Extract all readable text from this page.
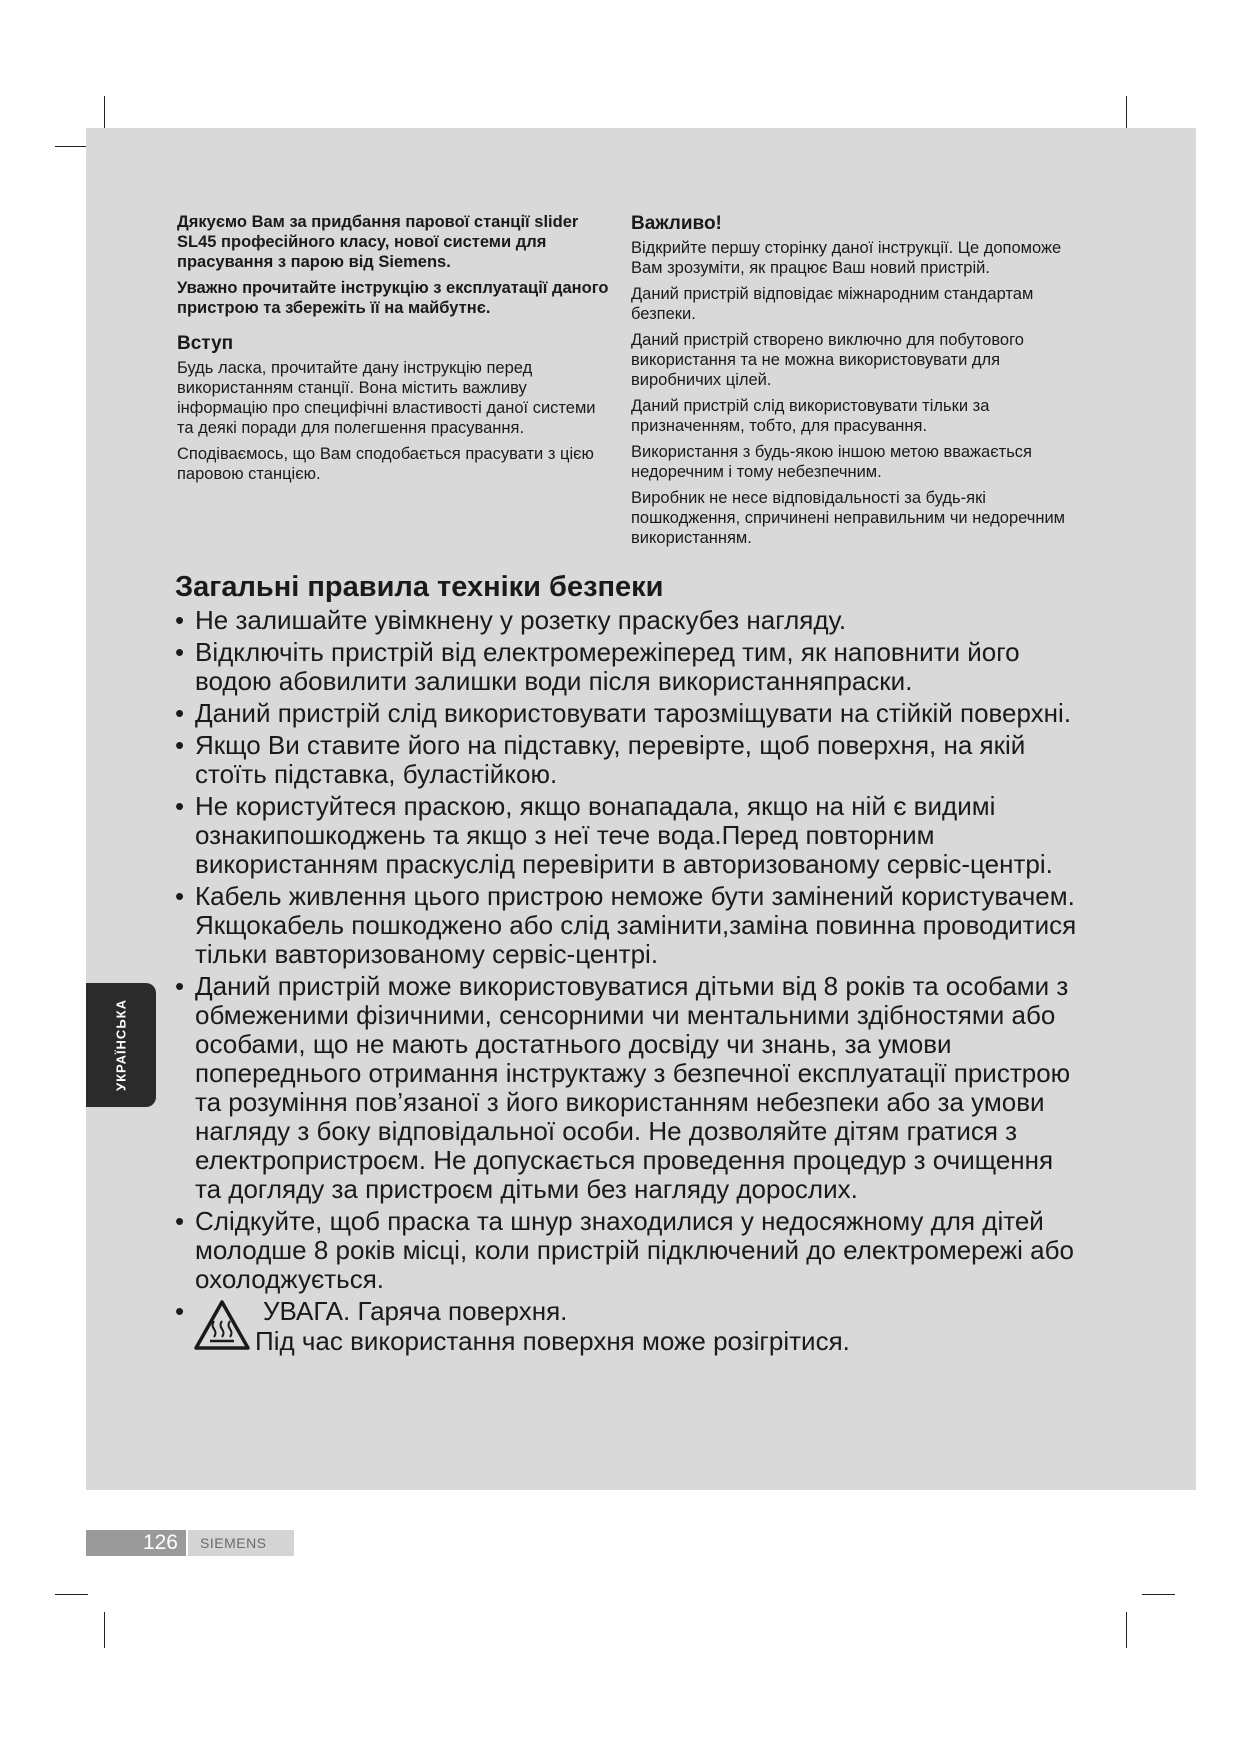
Дякуємо Вам за придбання парової станції slider SL45 професійного класу, нової системи для прасування з парою від Siemens.

Уважно прочитайте інструкцію з експлуатації даного пристрою та збережіть її на майбутнє.

Вступ

Будь ласка, прочитайте дану інструкцію перед використанням станції. Вона містить важливу інформацію про специфічні властивості даної системи та деякі поради для полегшення прасування.

Сподіваємось, що Вам сподобається прасувати з цією паровою станцією.

Важливо!

Відкрийте першу сторінку даної інструкції. Це допоможе Вам зрозуміти, як працює Ваш новий пристрій.

Даний пристрій відповідає міжнародним стандартам безпеки.

Даний пристрій створено виключно для побутового використання та не можна використовувати для виробничих цілей.

Даний пристрій слід використовувати тільки за призначенням, тобто, для прасування.

Використання з будь-якою іншою метою вважається недоречним і тому небезпечним.

Виробник не несе відповідальності за будь-які пошкодження, спричинені неправильним чи недоречним використанням.

Загальні правила техніки безпеки

• Не залишайте увімкнену у розетку праскубез нагляду.
• Відключіть пристрій від електромережіперед тим, як наповнити його водою абовилити залишки води після використанняпраски.
• Даний пристрій слід використовувати тарозміщувати на стійкій поверхні.
• Якщо Ви ставите його на підставку, перевірте, щоб поверхня, на якій стоїть підставка, буластійкою.
• Не користуйтеся праскою, якщо вонападала, якщо на ній є видимі ознакипошкоджень та якщо з неї тече вода.Перед повторним використанням праскуслід перевірити в авторизованому сервіс-центрі.
• Кабель живлення цього пристрою неможе бути замінений користувачем. Якщокабель пошкоджено або слід замінити,заміна повинна проводитися тільки вавторизованому сервіс-центрі.
• Даний пристрій може використовуватися дітьми від 8 років та особами з обмеженими фізичними, сенсорними чи ментальними здібностями або особами, що не мають достатнього досвіду чи знань, за умови попереднього отримання інструктажу з безпечної експлуатації пристрою та розуміння пов’язаної з його використанням небезпеки або за умови нагляду з боку відповідальної особи. Не дозволяйте дітям гратися з електропристроєм. Не допускається проведення процедур з очищення та догляду за пристроєм дітьми без нагляду дорослих.
• Слідкуйте, щоб праска та шнур знаходилися у недосяжному для дітей молодше 8 років місці, коли пристрій підключений до електромережі або охолоджується.
•	УВАГА. Гаряча поверхня.
Під час використання поверхня може розігрітися.
УКРАЇНСЬКА
126	SIEMENS
